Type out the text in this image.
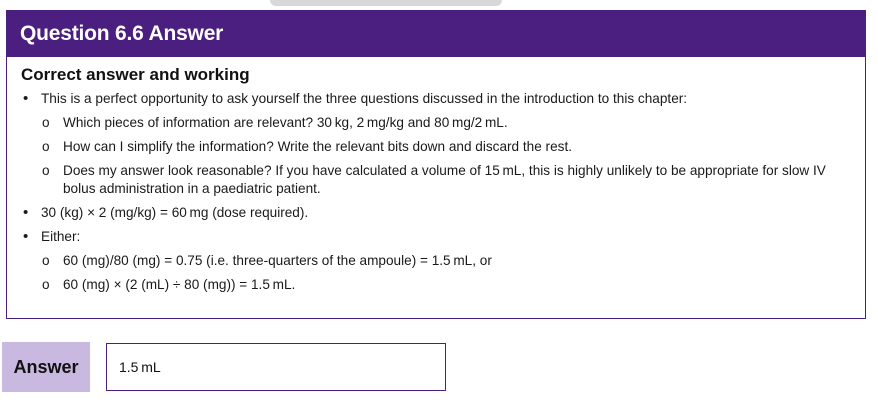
Question 6.6 Answer
Correct answer and working
• This is a perfect opportunity to ask yourself the three questions discussed in the introduction to this chapter:
o Which pieces of information are relevant? 30 kg, 2 mg/kg and 80 mg/2 mL.
o How can I simplify the information? Write the relevant bits down and discard the rest.
o Does my answer look reasonable? If you have calculated a volume of 15 mL, this is highly unlikely to be appropriate for slow IV bolus administration in a paediatric patient.
• 30 (kg) × 2 (mg/kg) = 60 mg (dose required).
• Either:
o 60 (mg)/80 (mg) = 0.75 (i.e. three-quarters of the ampoule) = 1.5 mL, or
o 60 (mg) × (2 (mL) ÷ 80 (mg)) = 1.5 mL.
Answer	1.5 mL
